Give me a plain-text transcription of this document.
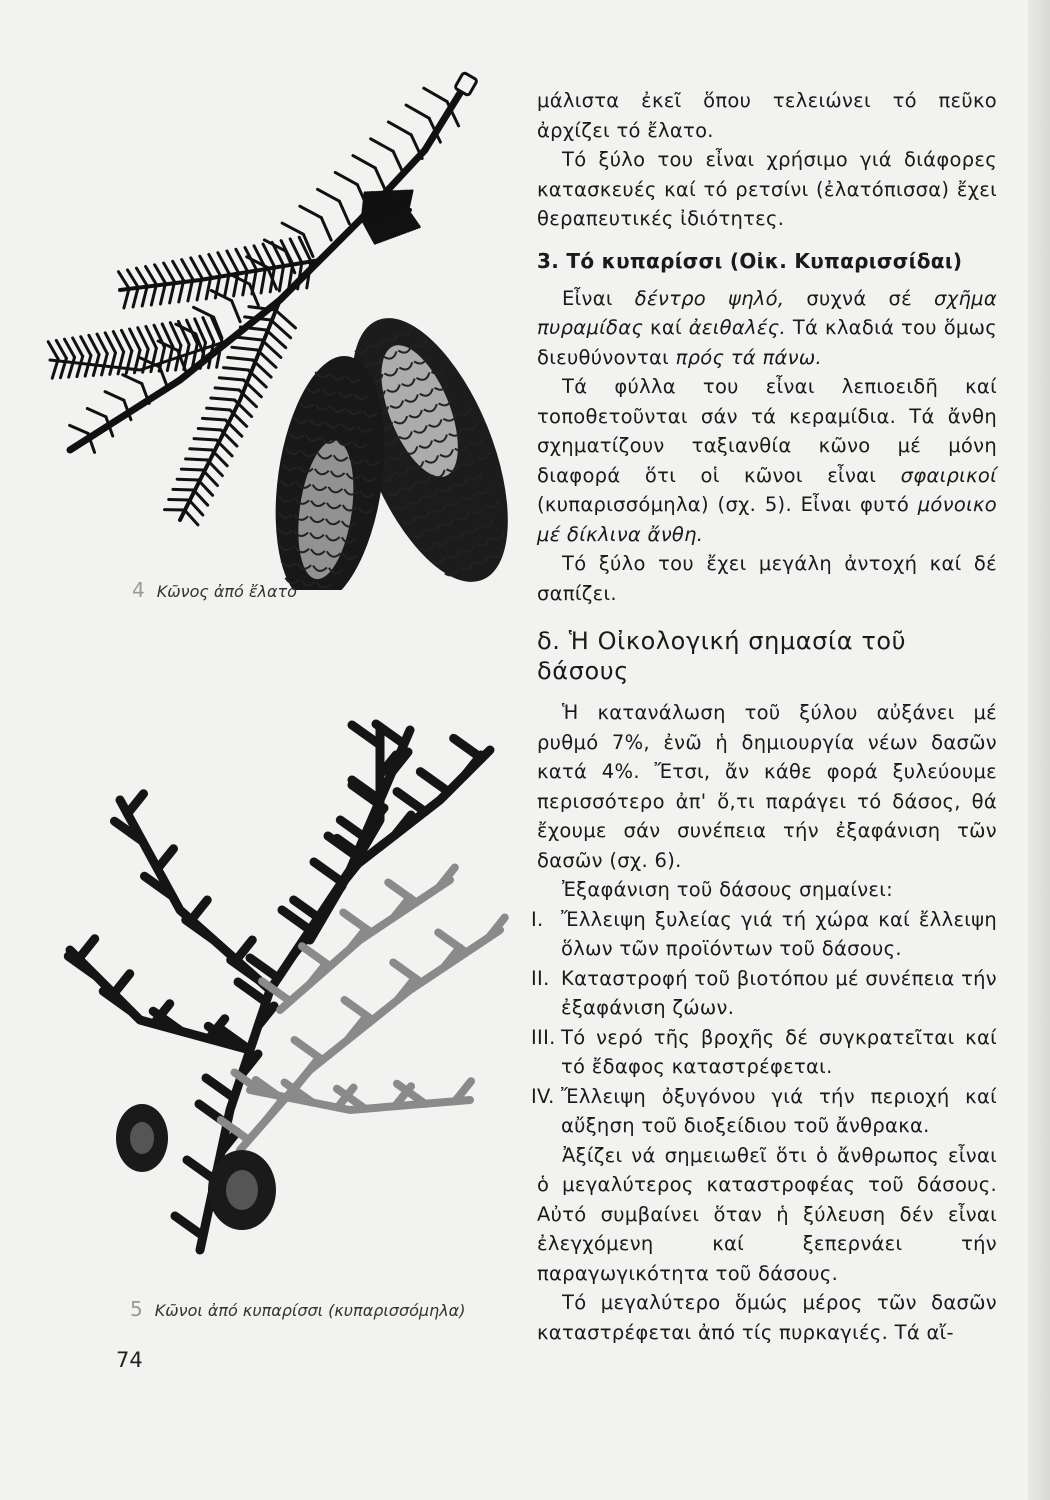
4 Κῶνος ἀπό ἔλατο
5 Κῶνοι ἀπό κυπαρίσσι (κυπαρισσόμηλα)
74

μάλιστα ἐκεῖ ὅπου τελειώνει τό πεῦκο ἀρχίζει τό ἔλατο.

Τό ξύλο του εἶναι χρήσιμο γιά διάφορες κατασκευές καί τό ρετσίνι (ἐλατόπισσα) ἔχει θεραπευτικές ἰδιότητες.

3. Τό κυπαρίσσι (Οἰκ. Κυπαρισσίδαι)

Εἶναι δέντρο ψηλό, συχνά σέ σχῆμα πυραμίδας καί ἀειθαλές. Τά κλαδιά του ὅμως διευθύνονται πρός τά πάνω.

Τά φύλλα του εἶναι λεπιοειδῆ καί τοποθετοῦνται σάν τά κεραμίδια. Τά ἄνθη σχηματίζουν ταξιανθία κῶνο μέ μόνη διαφορά ὅτι οἱ κῶνοι εἶναι σφαιρικοί (κυπαρισσόμηλα) (σχ. 5). Εἶναι φυτό μόνοικο μέ δίκλινα ἄνθη.

Τό ξύλο του ἔχει μεγάλη ἀντοχή καί δέ σαπίζει.

δ. Ἡ Οἰκολογική σημασία τοῦ δάσους

Ἡ κατανάλωση τοῦ ξύλου αὐξάνει μέ ρυθμό 7%, ἐνῶ ἡ δημιουργία νέων δασῶν κατά 4%. Ἔτσι, ἄν κάθε φορά ξυλεύουμε περισσότερο ἀπ' ὅ,τι παράγει τό δάσος, θά ἔχουμε σάν συνέπεια τήν ἐξαφάνιση τῶν δασῶν (σχ. 6).

Ἐξαφάνιση τοῦ δάσους σημαίνει:

I. Ἔλλειψη ξυλείας γιά τή χώρα καί ἔλλειψη ὅλων τῶν προϊόντων τοῦ δάσους.
II. Καταστροφή τοῦ βιοτόπου μέ συνέπεια τήν ἐξαφάνιση ζώων.
III. Τό νερό τῆς βροχῆς δέ συγκρατεῖται καί τό ἔδαφος καταστρέφεται.
IV. Ἔλλειψη ὀξυγόνου γιά τήν περιοχή καί αὔξηση τοῦ διοξείδιου τοῦ ἄνθρακα.

Ἀξίζει νά σημειωθεῖ ὅτι ὁ ἄνθρωπος εἶναι ὁ μεγαλύτερος καταστροφέας τοῦ δάσους. Αὐτό συμβαίνει ὅταν ἡ ξύλευση δέν εἶναι ἐλεγχόμενη καί ξεπερνάει τήν παραγωγικότητα τοῦ δάσους.

Τό μεγαλύτερο ὅμώς μέρος τῶν δασῶν καταστρέφεται ἀπό τίς πυρκαγιές. Τά αἴ-
